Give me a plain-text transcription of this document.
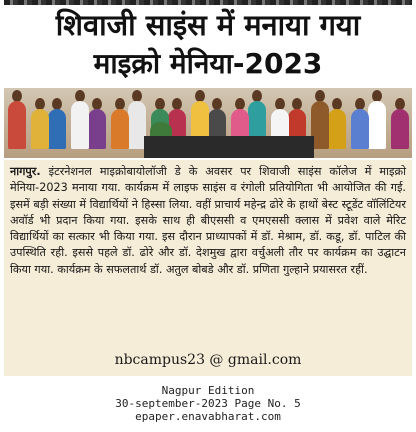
शिवाजी साइंस में मनाया गया
माइक्रो मेनिया-2023

नागपुर. इंटरनेशनल माइक्रोबायोलॉजी डे के अवसर पर शिवाजी साइंस कॉलेज में माइक्रो मेनिया-2023 मनाया गया. कार्यक्रम में लाइफ साइंस व रंगोली प्रतियोगिता भी आयोजित की गई. इसमें बड़ी संख्या में विद्यार्थियों ने हिस्सा लिया. वहीं प्राचार्य महेन्द्र ढोरे के हाथों बेस्ट स्टूडेंट वॉलिंटियर अवॉर्ड भी प्रदान किया गया. इसके साथ ही बीएससी व एमएससी क्लास में प्रवेश वाले मेरिट विद्यार्थियों का सत्कार भी किया गया. इस दौरान प्राध्यापकों में डॉ. मेश्राम, डॉ. कडू, डॉ. पाटिल की उपस्थिति रही. इससे पहले डॉ. ढोरे और डॉ. देशमुख द्वारा वर्चुअली तौर पर कार्यक्रम का उद्घाटन किया गया. कार्यक्रम के सफलतार्थ डॉ. अतुल बोबडे और डॉ. प्रणिता गुल्हाने प्रयासरत रहीं.

nbcampus23 @ gmail.com
Nagpur Edition
30-september-2023 Page No. 5
epaper.enavabharat.com
